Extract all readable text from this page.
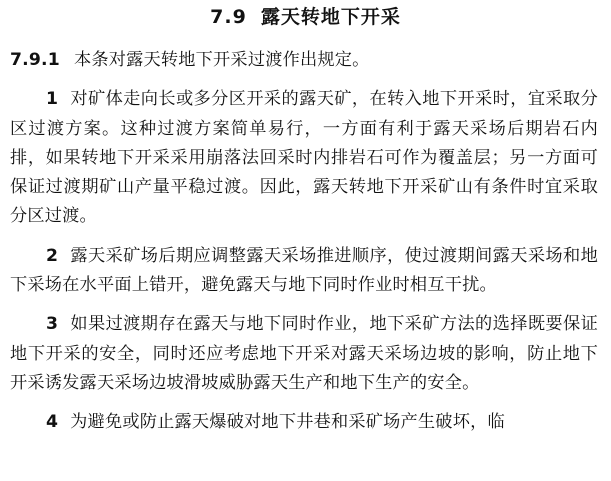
7.9 露天转地下开采

7.9.1 本条对露天转地下开采过渡作出规定。

1 对矿体走向长或多分区开采的露天矿，在转入地下开采时，宜采取分区过渡方案。这种过渡方案简单易行，一方面有利于露天采场后期岩石内排，如果转地下开采采用崩落法回采时内排岩石可作为覆盖层；另一方面可保证过渡期矿山产量平稳过渡。因此，露天转地下开采矿山有条件时宜采取分区过渡。

2 露天采矿场后期应调整露天采场推进顺序，使过渡期间露天采场和地下采场在水平面上错开，避免露天与地下同时作业时相互干扰。

3 如果过渡期存在露天与地下同时作业，地下采矿方法的选择既要保证地下开采的安全，同时还应考虑地下开采对露天采场边坡的影响，防止地下开采诱发露天采场边坡滑坡威胁露天生产和地下生产的安全。

4 为避免或防止露天爆破对地下井巷和采矿场产生破坏，临
